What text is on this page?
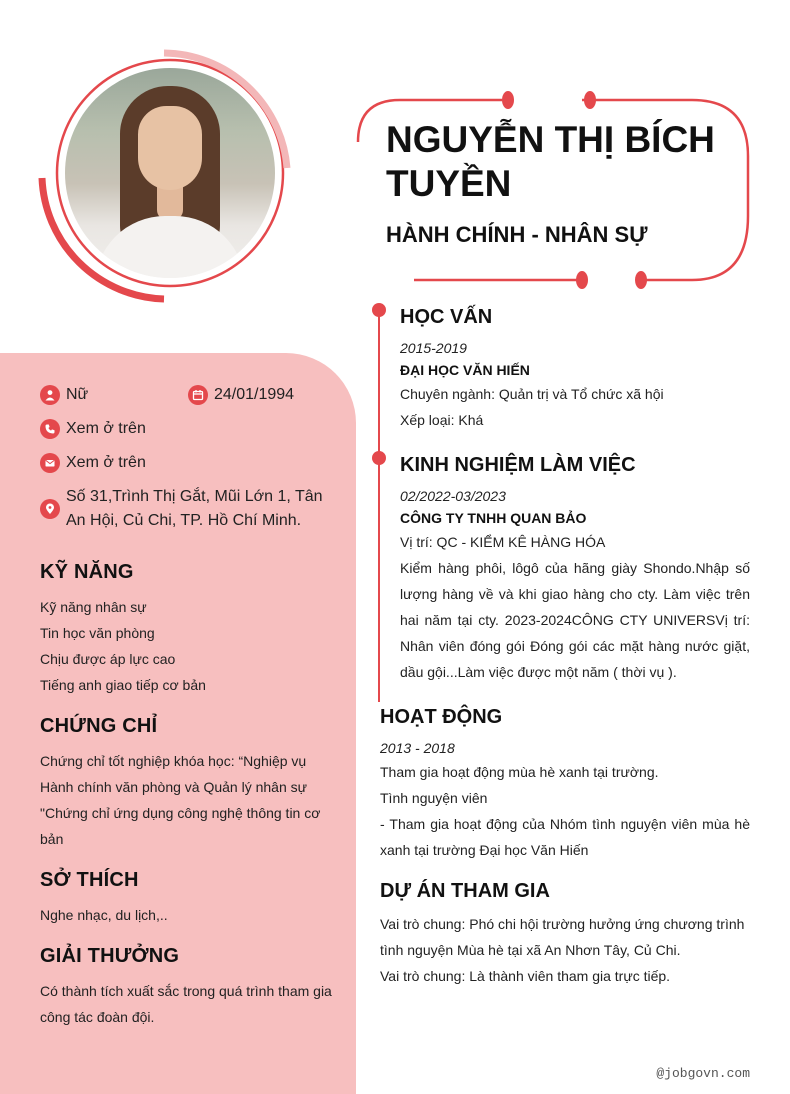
NGUYỄN THỊ BÍCH TUYỀN
HÀNH CHÍNH - NHÂN SỰ
Nữ	24/01/1994
Xem ở trên
Xem ở trên
Số 31,Trình Thị Gắt, Mũi Lớn 1, Tân An Hội, Củ Chi, TP. Hồ Chí Minh.
KỸ NĂNG
Kỹ năng nhân sự
Tin học văn phòng
Chịu được áp lực cao
Tiếng anh giao tiếp cơ bản
CHỨNG CHỈ
Chứng chỉ tốt nghiệp khóa học: “Nghiệp vụ Hành chính văn phòng và Quản lý nhân sự "Chứng chỉ ứng dụng công nghệ thông tin cơ bản
SỞ THÍCH
Nghe nhạc, du lịch,..
GIẢI THƯỞNG
Có thành tích xuất sắc trong quá trình tham gia công tác đoàn đội.
HỌC VẤN
2015-2019
ĐẠI HỌC VĂN HIẾN
Chuyên ngành: Quản trị và Tổ chức xã hội
Xếp loại: Khá
KINH NGHIỆM LÀM VIỆC
02/2022-03/2023
CÔNG TY TNHH QUAN BẢO
Vị trí: QC - KIỂM KÊ HÀNG HÓA
Kiểm hàng phôi, lôgô của hãng giày Shondo.Nhập số lượng hàng về và khi giao hàng cho cty. Làm việc trên hai năm tại cty. 2023-2024CÔNG CTY UNIVERSVị trí: Nhân viên đóng gói Đóng gói các mặt hàng nước giặt, dầu gội...Làm việc được một năm ( thời vụ ).
HOẠT ĐỘNG
2013 - 2018
Tham gia hoạt động mùa hè xanh tại trường.
Tình nguyện viên
- Tham gia hoạt động của Nhóm tình nguyện viên mùa hè xanh tại trường Đại học Văn Hiến
DỰ ÁN THAM GIA
Vai trò chung: Phó chi hội trường hưởng ứng chương trình tình nguyện Mùa hè tại xã An Nhơn Tây, Củ Chi.
Vai trò chung: Là thành viên tham gia trực tiếp.
@jobgovn.com
